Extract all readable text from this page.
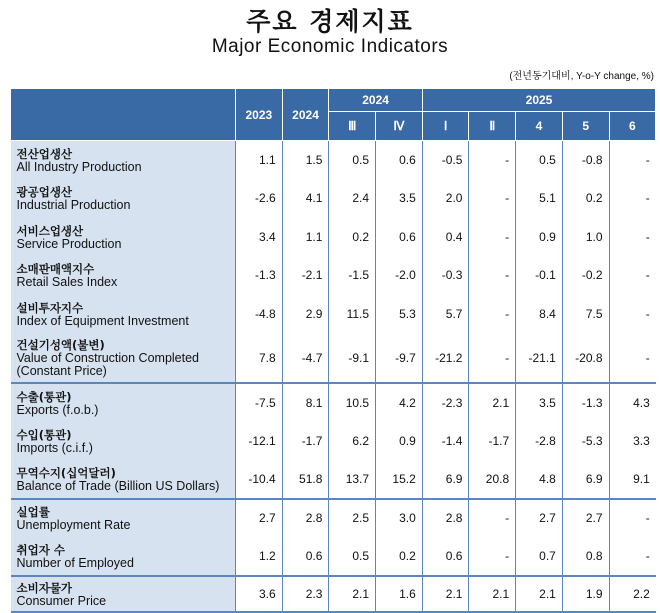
주요 경제지표
Major Economic Indicators
(전년동기대비, Y-o-Y change, %)
	2023	2024	2024		2025				
			Ⅲ	Ⅳ	Ⅰ	Ⅱ	4	5	6

전산업생산
All Industry Production	1.1	1.5	0.5	0.6	-0.5	-	0.5	-0.8	-

광공업생산
Industrial Production	-2.6	4.1	2.4	3.5	2.0	-	5.1	0.2	-

서비스업생산
Service Production	3.4	1.1	0.2	0.6	0.4	-	0.9	1.0	-

소매판매액지수
Retail Sales Index	-1.3	-2.1	-1.5	-2.0	-0.3	-	-0.1	-0.2	-

설비투자지수
Index of Equipment Investment	-4.8	2.9	11.5	5.3	5.7	-	8.4	7.5	-

건설기성액(불변)
Value of Construction Completed
(Constant Price)	7.8	-4.7	-9.1	-9.7	-21.2	-	-21.1	-20.8	-

수출(통관)
Exports (f.o.b.)	-7.5	8.1	10.5	4.2	-2.3	2.1	3.5	-1.3	4.3

수입(통관)
Imports (c.i.f.)	-12.1	-1.7	6.2	0.9	-1.4	-1.7	-2.8	-5.3	3.3

무역수지(십억달러)
Balance of Trade (Billion US Dollars)	-10.4	51.8	13.7	15.2	6.9	20.8	4.8	6.9	9.1

실업률
Unemployment Rate	2.7	2.8	2.5	3.0	2.8	-	2.7	2.7	-

취업자 수
Number of Employed	1.2	0.6	0.5	0.2	0.6	-	0.7	0.8	-

소비자물가
Consumer Price	3.6	2.3	2.1	1.6	2.1	2.1	2.1	1.9	2.2
